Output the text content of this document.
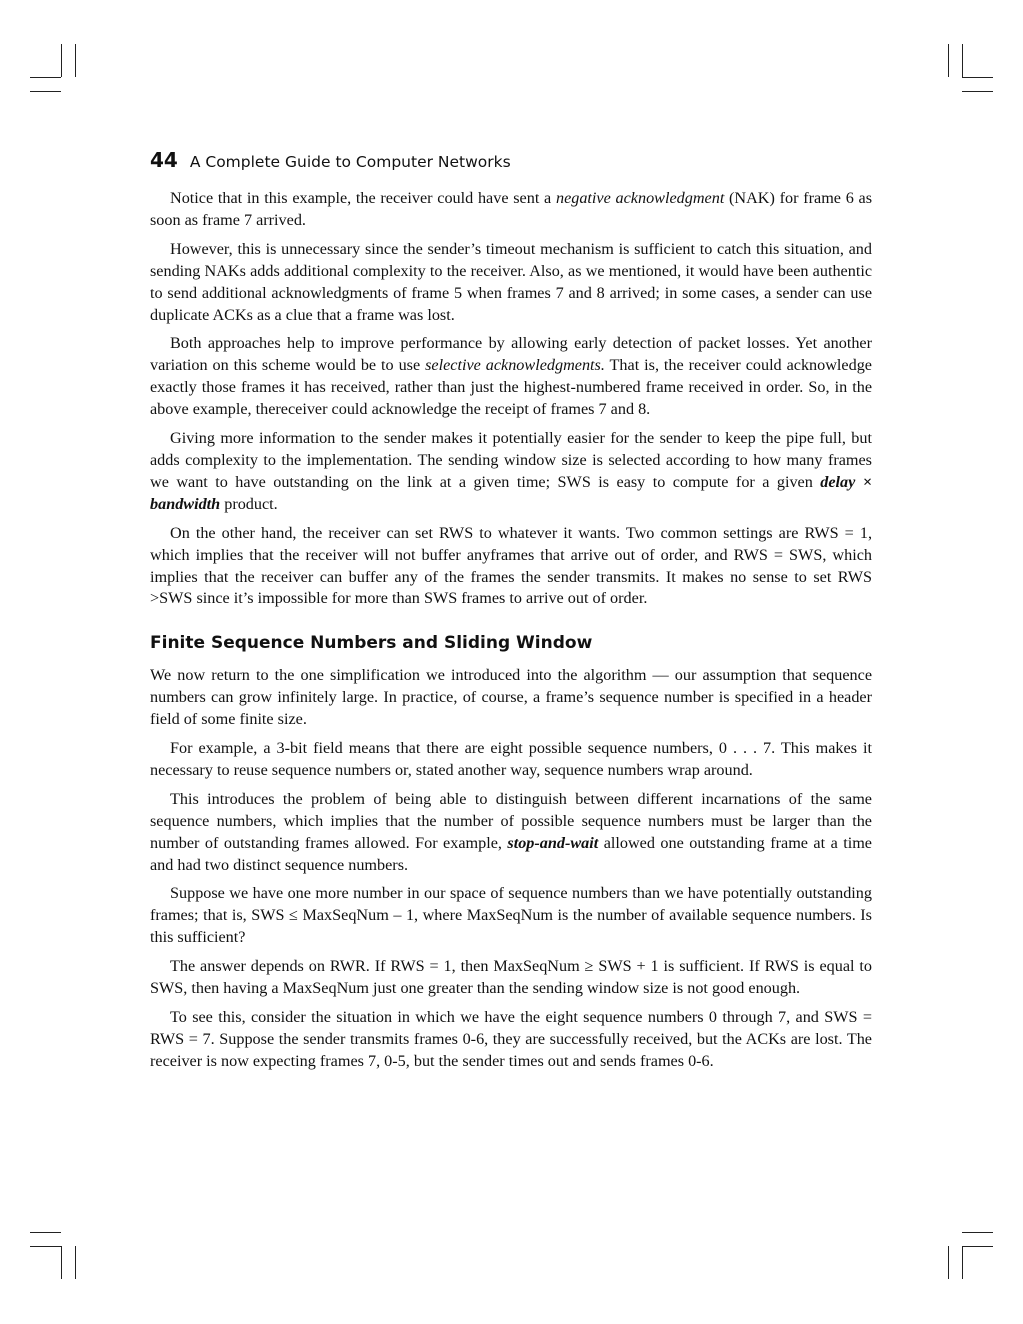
44 A Complete Guide to Computer Networks

Notice that in this example, the receiver could have sent a negative acknowledgment (NAK) for frame 6 as soon as frame 7 arrived.

However, this is unnecessary since the sender’s timeout mechanism is sufficient to catch this situation, and sending NAKs adds additional complexity to the receiver. Also, as we mentioned, it would have been authentic to send additional acknowledgments of frame 5 when frames 7 and 8 arrived; in some cases, a sender can use duplicate ACKs as a clue that a frame was lost.

Both approaches help to improve performance by allowing early detection of packet losses. Yet another variation on this scheme would be to use selective acknowledgments. That is, the receiver could acknowledge exactly those frames it has received, rather than just the highest-numbered frame received in order. So, in the above example, thereceiver could acknowledge the receipt of frames 7 and 8.

Giving more information to the sender makes it potentially easier for the sender to keep the pipe full, but adds complexity to the implementation. The sending window size is selected according to how many frames we want to have outstanding on the link at a given time; SWS is easy to compute for a given delay × bandwidth product.

On the other hand, the receiver can set RWS to whatever it wants. Two common settings are RWS = 1, which implies that the receiver will not buffer anyframes that arrive out of order, and RWS = SWS, which implies that the receiver can buffer any of the frames the sender transmits. It makes no sense to set RWS >SWS since it’s impossible for more than SWS frames to arrive out of order.

Finite Sequence Numbers and Sliding Window

We now return to the one simplification we introduced into the algorithm — our assumption that sequence numbers can grow infinitely large. In practice, of course, a frame’s sequence number is specified in a header field of some finite size.

For example, a 3-bit field means that there are eight possible sequence numbers, 0 . . . 7. This makes it necessary to reuse sequence numbers or, stated another way, sequence numbers wrap around.

This introduces the problem of being able to distinguish between different incarnations of the same sequence numbers, which implies that the number of possible sequence numbers must be larger than the number of outstanding frames allowed. For example, stop-and-wait allowed one outstanding frame at a time and had two distinct sequence numbers.

Suppose we have one more number in our space of sequence numbers than we have potentially outstanding frames; that is, SWS ≤ MaxSeqNum – 1, where MaxSeqNum is the number of available sequence numbers. Is this sufficient?

The answer depends on RWR. If RWS = 1, then MaxSeqNum ≥ SWS + 1 is sufficient. If RWS is equal to SWS, then having a MaxSeqNum just one greater than the sending window size is not good enough.

To see this, consider the situation in which we have the eight sequence numbers 0 through 7, and SWS = RWS = 7. Suppose the sender transmits frames 0-6, they are successfully received, but the ACKs are lost. The receiver is now expecting frames 7, 0-5, but the sender times out and sends frames 0-6.
